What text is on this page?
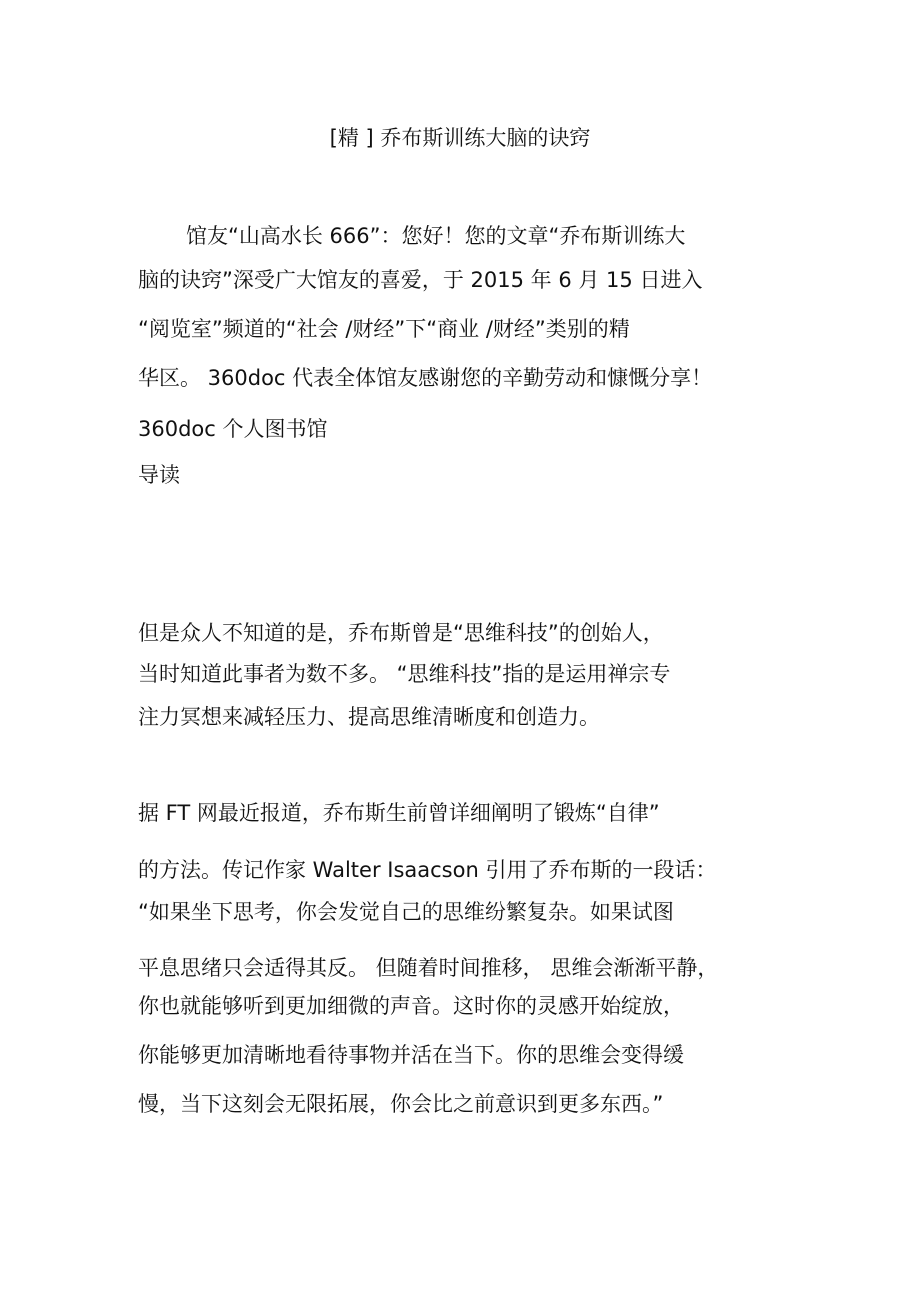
[精 ] 乔布斯训练大脑的诀窍
馆友“山高水长 666”：您好！您的文章“乔布斯训练大
脑的诀窍”深受广大馆友的喜爱，于 2015 年 6 月 15 日进入
“阅览室”频道的“社会 /财经”下“商业 /财经”类别的精
华区。 360doc 代表全体馆友感谢您的辛勤劳动和慷慨分享！
360doc 个人图书馆
导读
但是众人不知道的是，乔布斯曾是“思维科技”的创始人，
当时知道此事者为数不多。 “思维科技”指的是运用禅宗专
注力冥想来减轻压力、提高思维清晰度和创造力。
据 FT 网最近报道，乔布斯生前曾详细阐明了锻炼“自律”
的方法。传记作家 Walter Isaacson 引用了乔布斯的一段话：
“如果坐下思考，你会发觉自己的思维纷繁复杂。如果试图
平息思绪只会适得其反。 但随着时间推移， 思维会渐渐平静，
你也就能够听到更加细微的声音。这时你的灵感开始绽放，
你能够更加清晰地看待事物并活在当下。你的思维会变得缓
慢，当下这刻会无限拓展，你会比之前意识到更多东西。”
